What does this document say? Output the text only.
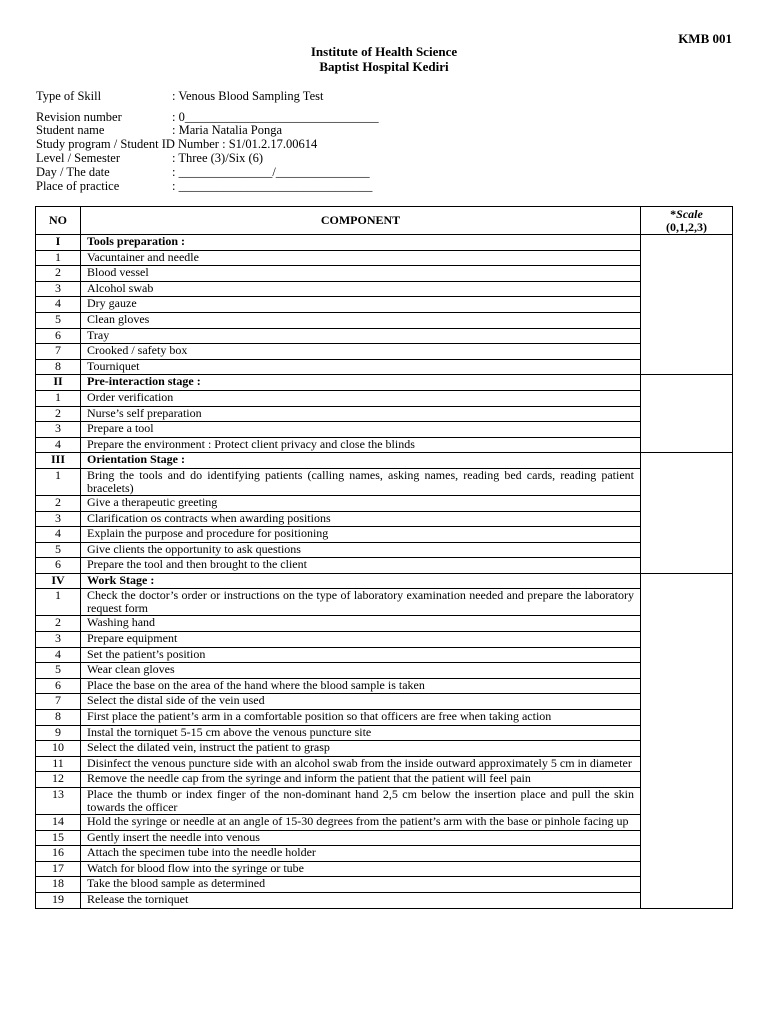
KMB 001
Institute of Health Science
Baptist Hospital Kediri
Type of Skill	: Venous Blood Sampling Test
Revision number	: 0_______________________________
Student name	: Maria Natalia Ponga
Study program / Student ID Number : S1/01.2.17.00614
Level / Semester	: Three (3)/Six (6)
Day / The date	: _______________/_______________
Place of practice	: _______________________________
NO	COMPONENT	*Scale
(0,1,2,3)

I	Tools preparation :	
1	Vacuntainer and needle	
2	Blood vessel	
3	Alcohol swab	
4	Dry gauze	
5	Clean gloves	
6	Tray	
7	Crooked / safety box	
8	Tourniquet	
II	Pre-interaction stage :	
1	Order verification	
2	Nurse’s self preparation	
3	Prepare a tool	
4	Prepare the environment : Protect client privacy and close the blinds	
III	Orientation Stage :	
1	Bring the tools and do identifying patients (calling names, asking names, reading bed cards, reading patient bracelets)	
2	Give a therapeutic greeting	
3	Clarification os contracts when awarding positions	
4	Explain the purpose and procedure for positioning	
5	Give clients the opportunity to ask questions	
6	Prepare the tool and then brought to the client	
IV	Work Stage :	
1	Check the doctor’s order or instructions on the type of laboratory examination needed and prepare the laboratory request form	
2	Washing hand	
3	Prepare equipment	
4	Set the patient’s position	
5	Wear clean gloves	
6	Place the base on the area of the hand where the blood sample is taken	
7	Select the distal side of the vein used	
8	First place the patient’s arm in a comfortable position so that officers are free when taking action	
9	Instal the torniquet 5-15 cm above the venous puncture site	
10	Select the dilated vein, instruct the patient to grasp	
11	Disinfect the venous puncture side with an alcohol swab from the inside outward approximately 5 cm in diameter	
12	Remove the needle cap from the syringe and inform the patient that the patient will feel pain	
13	Place the thumb or index finger of the non-dominant hand 2,5 cm below the insertion place and pull the skin towards the officer	
14	Hold the syringe or needle at an angle of 15-30 degrees from the patient’s arm with the base or pinhole facing up	
15	Gently insert the needle into venous	
16	Attach the specimen tube into the needle holder	
17	Watch for blood flow into the syringe or tube	
18	Take the blood sample as determined	
19	Release the torniquet	
